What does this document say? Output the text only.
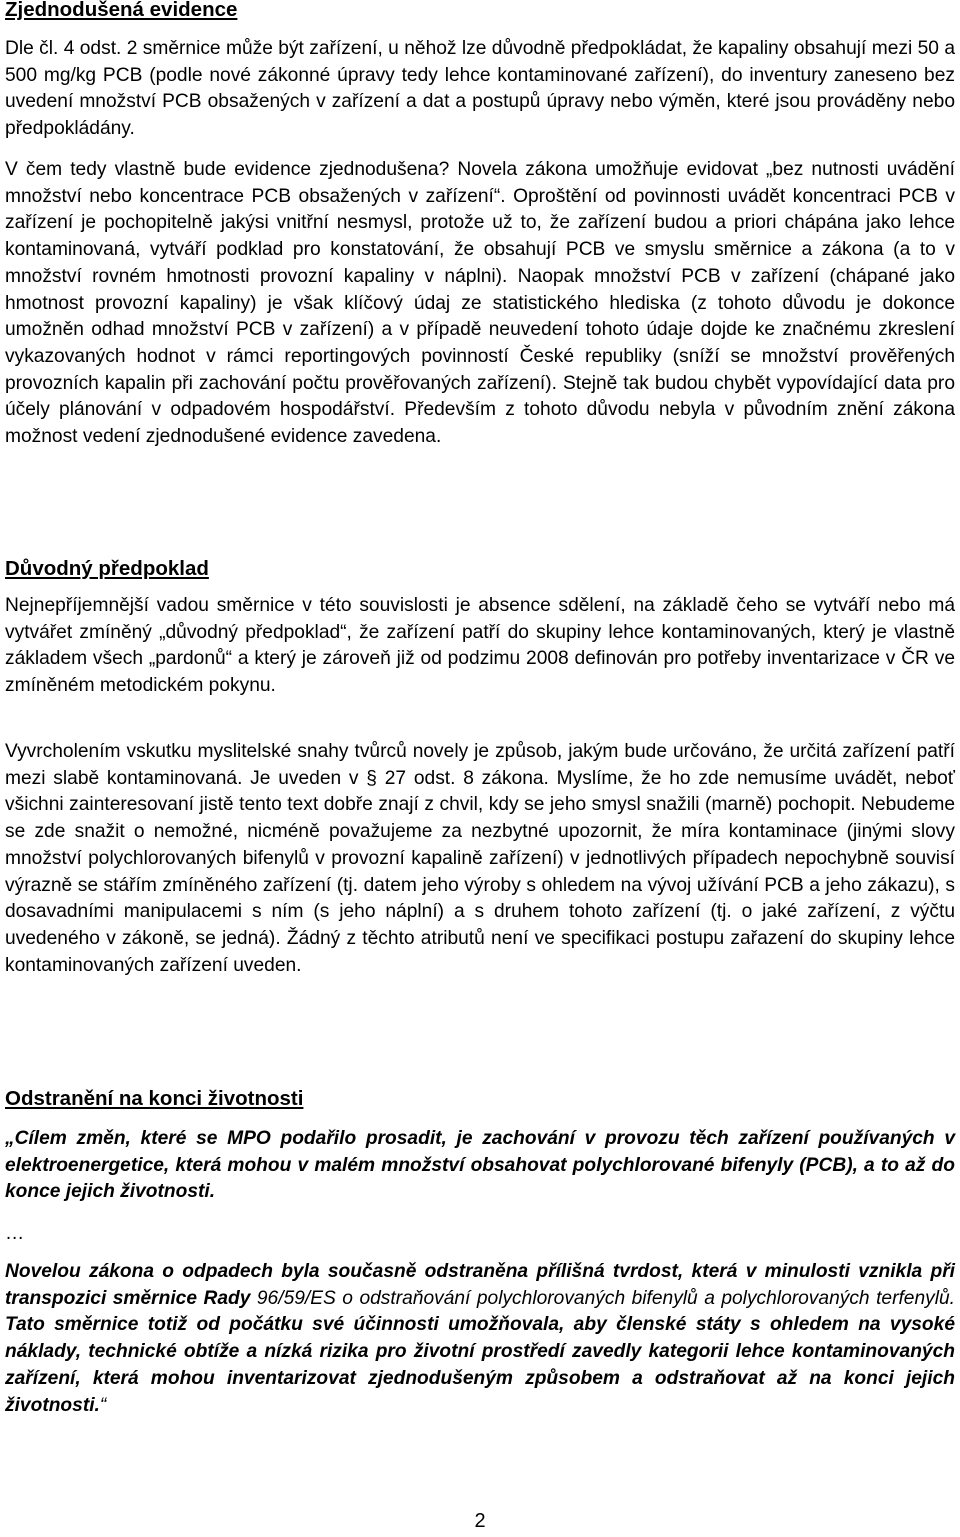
Zjednodušená evidence

Dle čl. 4 odst. 2 směrnice může být zařízení, u něhož lze důvodně předpokládat, že kapaliny obsahují mezi 50 a 500 mg/kg PCB (podle nové zákonné úpravy tedy lehce kontaminované zařízení), do inventury zaneseno bez uvedení množství PCB obsažených v zařízení a dat a postupů úpravy nebo výměn, které jsou prováděny nebo předpokládány.

V čem tedy vlastně bude evidence zjednodušena? Novela zákona umožňuje evidovat „bez nutnosti uvádění množství nebo koncentrace PCB obsažených v zařízení“. Oproštění od povinnosti uvádět koncentraci PCB v zařízení je pochopitelně jakýsi vnitřní nesmysl, protože už to, že zařízení budou a priori chápána jako lehce kontaminovaná, vytváří podklad pro konstatování, že obsahují PCB ve smyslu směrnice a zákona (a to v množství rovném hmotnosti provozní kapaliny v náplni). Naopak množství PCB v zařízení (chápané jako hmotnost provozní kapaliny) je však klíčový údaj ze statistického hlediska (z tohoto důvodu je dokonce umožněn odhad množství PCB v zařízení) a v případě neuvedení tohoto údaje dojde ke značnému zkreslení vykazovaných hodnot v rámci reportingových povinností České republiky (sníží se množství prověřených provozních kapalin při zachování počtu prověřovaných zařízení). Stejně tak budou chybět vypovídající data pro účely plánování v odpadovém hospodářství. Především z tohoto důvodu nebyla v původním znění zákona možnost vedení zjednodušené evidence zavedena.

Důvodný předpoklad

Nejnepříjemnější vadou směrnice v této souvislosti je absence sdělení, na základě čeho se vytváří nebo má vytvářet zmíněný „důvodný předpoklad“, že zařízení patří do skupiny lehce kontaminovaných, který je vlastně základem všech „pardonů“ a který je zároveň již od podzimu 2008 definován pro potřeby inventarizace v ČR ve zmíněném metodickém pokynu.

Vyvrcholením vskutku myslitelské snahy tvůrců novely je způsob, jakým bude určováno, že určitá zařízení patří mezi slabě kontaminovaná. Je uveden v § 27 odst. 8 zákona. Myslíme, že ho zde nemusíme uvádět, neboť všichni zainteresovaní jistě tento text dobře znají z chvil, kdy se jeho smysl snažili (marně) pochopit. Nebudeme se zde snažit o nemožné, nicméně považujeme za nezbytné upozornit, že míra kontaminace (jinými slovy množství polychlorovaných bifenylů v provozní kapalině zařízení) v jednotlivých případech nepochybně souvisí výrazně se stářím zmíněného zařízení (tj. datem jeho výroby s ohledem na vývoj užívání PCB a jeho zákazu), s dosavadními manipulacemi s ním (s jeho náplní) a s druhem tohoto zařízení (tj. o jaké zařízení, z výčtu uvedeného v zákoně, se jedná). Žádný z těchto atributů není ve specifikaci postupu zařazení do skupiny lehce kontaminovaných zařízení uveden.

Odstranění na konci životnosti

„Cílem změn, které se MPO podařilo prosadit, je zachování v provozu těch zařízení používaných v elektroenergetice, která mohou v malém množství obsahovat polychlorované bifenyly (PCB), a to až do konce jejich životnosti.

…

Novelou zákona o odpadech byla současně odstraněna přílišná tvrdost, která v minulosti vznikla při transpozici směrnice Rady 96/59/ES o odstraňování polychlorovaných bifenylů a polychlorovaných terfenylů. Tato směrnice totiž od počátku své účinnosti umožňovala, aby členské státy s ohledem na vysoké náklady, technické obtíže a nízká rizika pro životní prostředí zavedly kategorii lehce kontaminovaných zařízení, která mohou inventarizovat zjednodušeným způsobem a odstraňovat až na konci jejich životnosti.“

2
